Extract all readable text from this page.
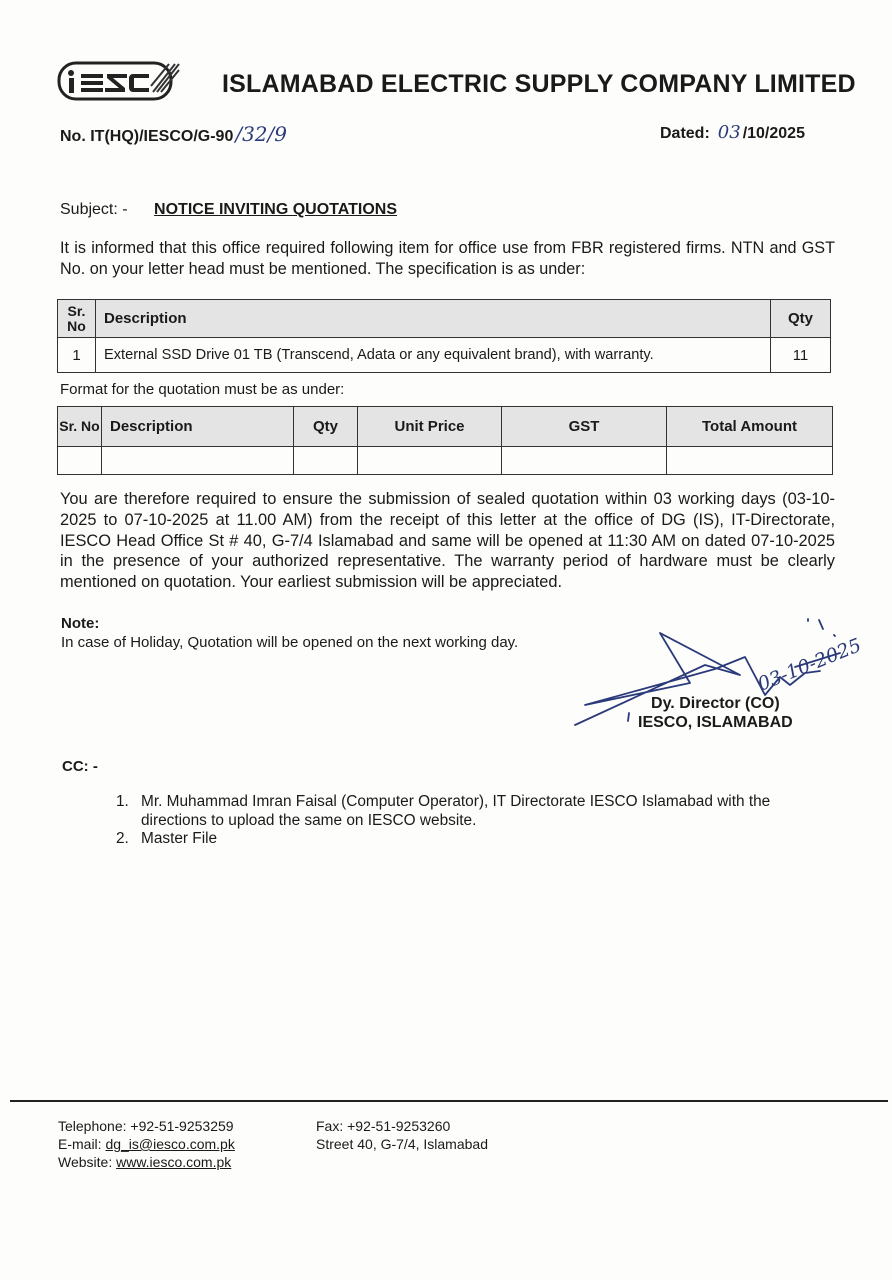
ISLAMABAD ELECTRIC SUPPLY COMPANY LIMITED
No. IT(HQ)/IESCO/G-90 /32/9	Dated: 03 /10/2025
Subject: - NOTICE INVITING QUOTATIONS

It is informed that this office required following item for office use from FBR registered firms. NTN and GST No. on your letter head must be mentioned. The specification is as under:

Sr. No	Description	Qty
1	External SSD Drive 01 TB (Transcend, Adata or any equivalent brand), with warranty.	11
Format for the quotation must be as under:
Sr. No	Description	Qty	Unit Price	GST	Total Amount

You are therefore required to ensure the submission of sealed quotation within 03 working days (03-10-2025 to 07-10-2025 at 11.00 AM) from the receipt of this letter at the office of DG (IS), IT-Directorate, IESCO Head Office St # 40, G-7/4 Islamabad and same will be opened at 11:30 AM on dated 07-10-2025 in the presence of your authorized representative. The warranty period of hardware must be clearly mentioned on quotation. Your earliest submission will be appreciated.

Note:
In case of Holiday, Quotation will be opened on the next working day.	03-10-2025
Dy. Director (CO)
IESCO, ISLAMABAD
CC: -
1. Mr. Muhammad Imran Faisal (Computer Operator), IT Directorate IESCO Islamabad with the directions to upload the same on IESCO website.
2. Master File
Telephone: +92-51-9253259
E-mail: dg_is@iesco.com.pk
Website: www.iesco.com.pk
Fax: +92-51-9253260
Street 40, G-7/4, Islamabad
